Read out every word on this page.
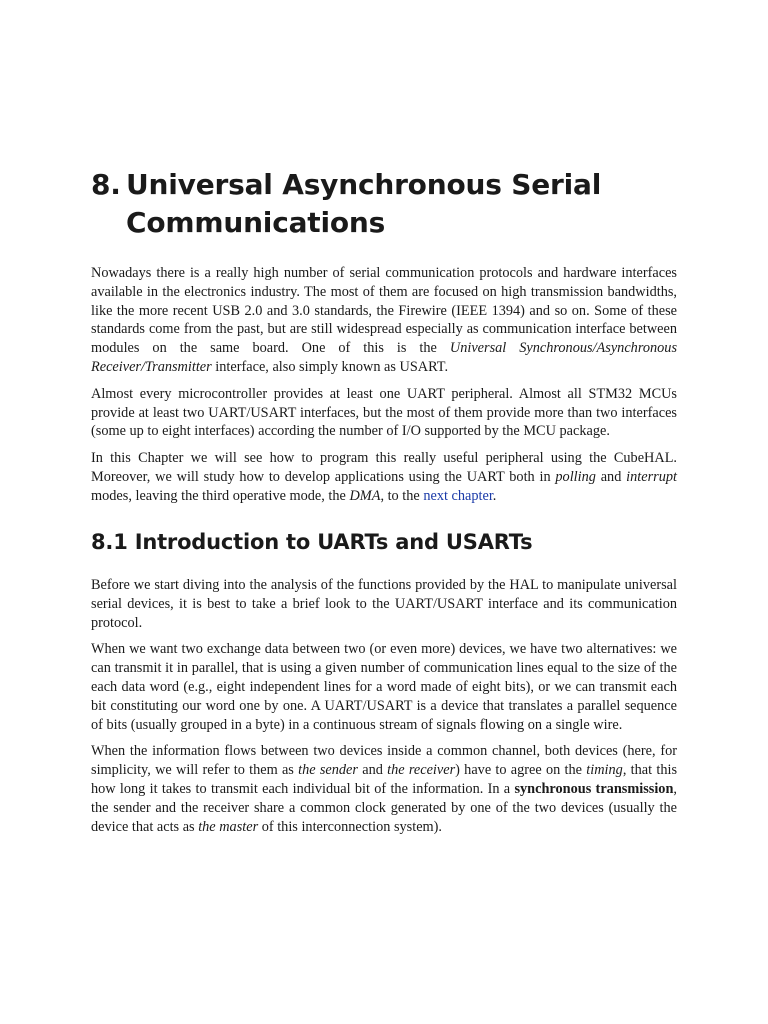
8. Universal Asynchronous Serial Communications

Nowadays there is a really high number of serial communication protocols and hardware interfaces available in the electronics industry. The most of them are focused on high transmission bandwidths, like the more recent USB 2.0 and 3.0 standards, the Firewire (IEEE 1394) and so on. Some of these standards come from the past, but are still widespread especially as communication interface between modules on the same board. One of this is the Universal Synchronous/Asynchronous Receiver/Transmitter interface, also simply known as USART.

Almost every microcontroller provides at least one UART peripheral. Almost all STM32 MCUs provide at least two UART/USART interfaces, but the most of them provide more than two interfaces (some up to eight interfaces) according the number of I/O supported by the MCU package.

In this Chapter we will see how to program this really useful peripheral using the CubeHAL. Moreover, we will study how to develop applications using the UART both in polling and interrupt modes, leaving the third operative mode, the DMA, to the next chapter.

8.1 Introduction to UARTs and USARTs

Before we start diving into the analysis of the functions provided by the HAL to manipulate universal serial devices, it is best to take a brief look to the UART/USART interface and its communication protocol.

When we want two exchange data between two (or even more) devices, we have two alternatives: we can transmit it in parallel, that is using a given number of communication lines equal to the size of the each data word (e.g., eight independent lines for a word made of eight bits), or we can transmit each bit constituting our word one by one. A UART/USART is a device that translates a parallel sequence of bits (usually grouped in a byte) in a continuous stream of signals flowing on a single wire.

When the information flows between two devices inside a common channel, both devices (here, for simplicity, we will refer to them as the sender and the receiver) have to agree on the timing, that this how long it takes to transmit each individual bit of the information. In a synchronous transmission, the sender and the receiver share a common clock generated by one of the two devices (usually the device that acts as the master of this interconnection system).
